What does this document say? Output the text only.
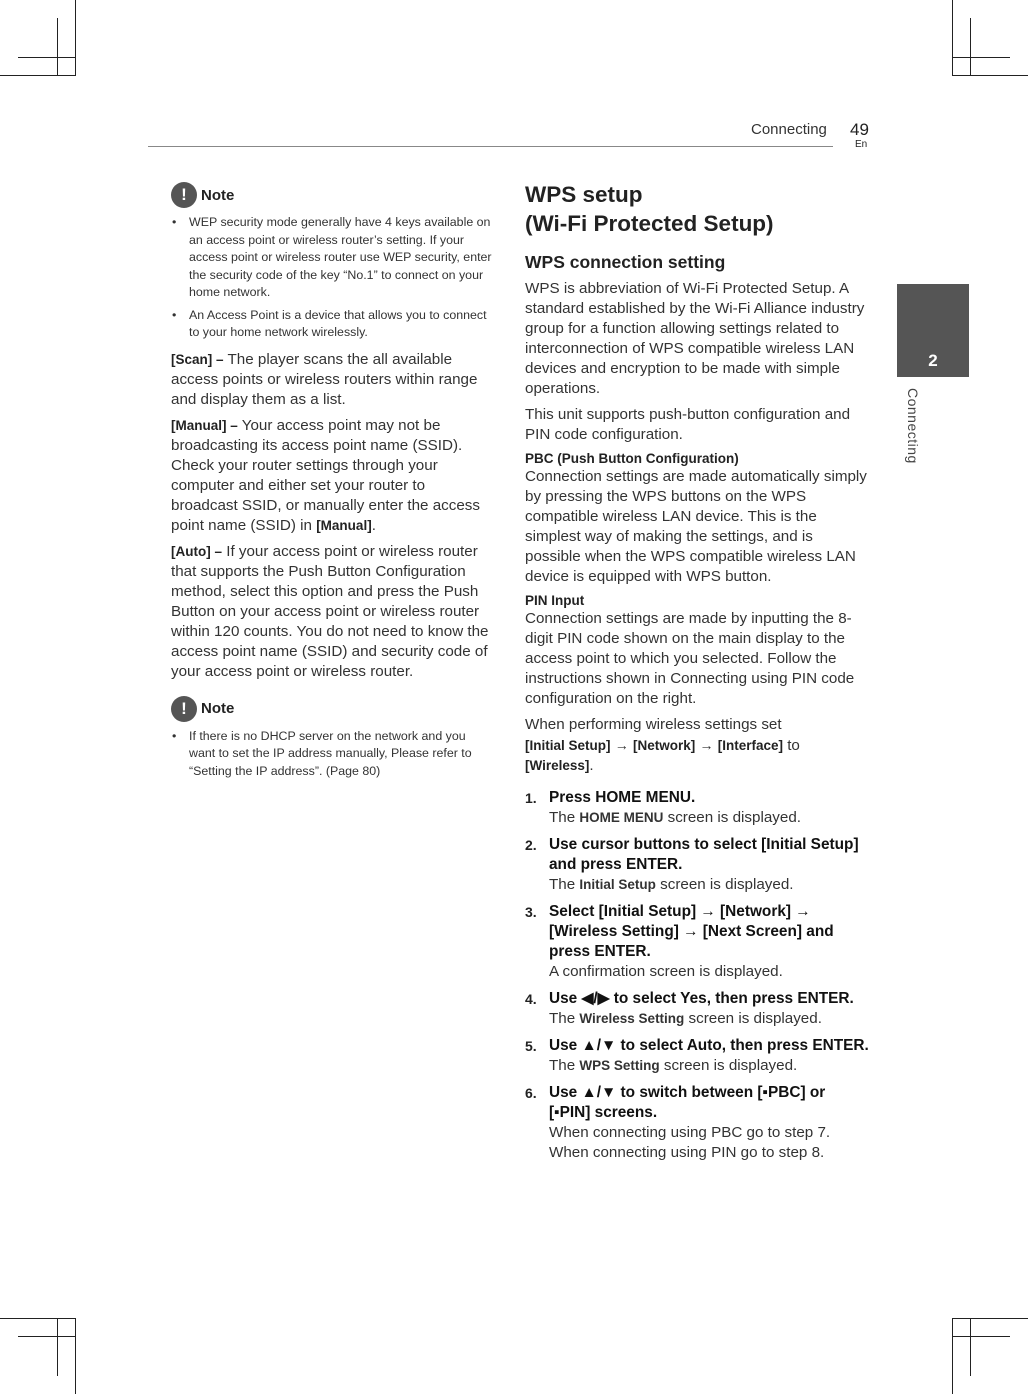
Connecting 49
En
2
Connecting
! Note
• WEP security mode generally have 4 keys available on an access point or wireless router’s setting. If your access point or wireless router use WEP security, enter the security code of the key “No.1” to connect on your home network.
• An Access Point is a device that allows you to connect to your home network wirelessly.

[Scan] – The player scans the all available access points or wireless routers within range and display them as a list.

[Manual] – Your access point may not be broadcasting its access point name (SSID). Check your router settings through your computer and either set your router to broadcast SSID, or manually enter the access point name (SSID) in [Manual].

[Auto] – If your access point or wireless router that supports the Push Button Configuration method, select this option and press the Push Button on your access point or wireless router within 120 counts. You do not need to know the access point name (SSID) and security code of your access point or wireless router.

! Note
• If there is no DHCP server on the network and you want to set the IP address manually, Please refer to “Setting the IP address”. (Page 80)
WPS setup
(Wi-Fi Protected Setup)
WPS connection setting

WPS is abbreviation of Wi-Fi Protected Setup. A standard established by the Wi-Fi Alliance industry group for a function allowing settings related to interconnection of WPS compatible wireless LAN devices and encryption to be made with simple operations.

This unit supports push-button configuration and PIN code configuration.

PBC (Push Button Configuration)

Connection settings are made automatically simply by pressing the WPS buttons on the WPS compatible wireless LAN device. This is the simplest way of making the settings, and is possible when the WPS compatible wireless LAN device is equipped with WPS button.

PIN Input

Connection settings are made by inputting the 8-digit PIN code shown on the main display to the access point to which you selected. Follow the instructions shown in Connecting using PIN code configuration on the right.

When performing wireless settings set
[Initial Setup] → [Network] → [Interface] to
[Wireless].

1. Press HOME MENU.
The HOME MENU screen is displayed.
2. Use cursor buttons to select [Initial Setup] and press ENTER.
The Initial Setup screen is displayed.
3. Select [Initial Setup] → [Network] → [Wireless Setting] → [Next Screen] and press ENTER.
A confirmation screen is displayed.
4. Use ◀/▶ to select Yes, then press ENTER.
The Wireless Setting screen is displayed.
5. Use ▲/▼ to select Auto, then press ENTER.
The WPS Setting screen is displayed.
6. Use ▲/▼ to switch between [▪PBC] or [▪PIN] screens.
When connecting using PBC go to step 7.
When connecting using PIN go to step 8.
